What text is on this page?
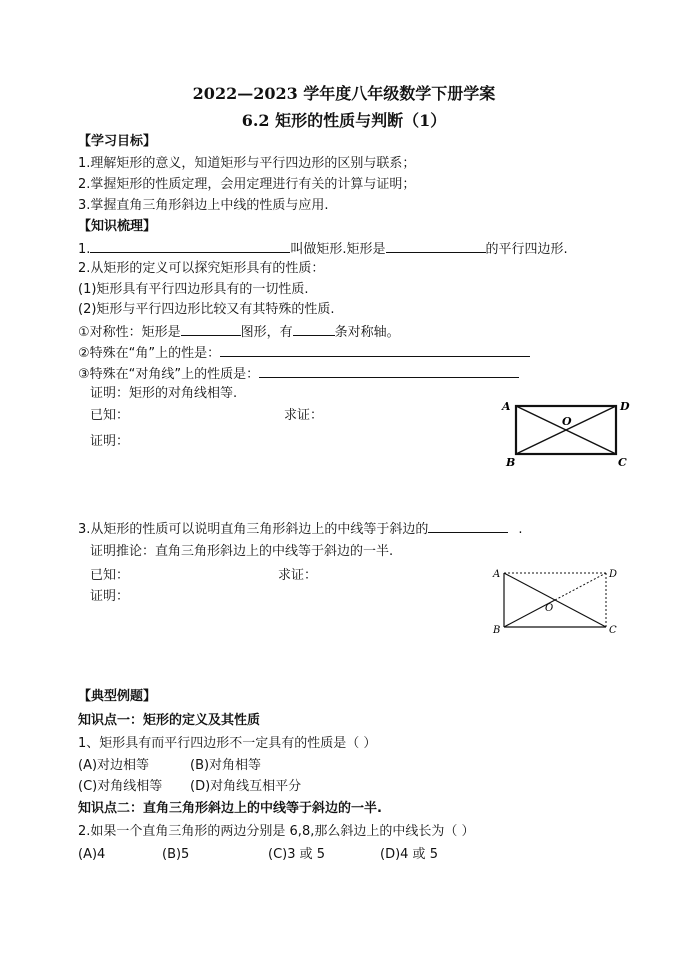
2022—2023 学年度八年级数学下册学案
6.2 矩形的性质与判断（1）
【学习目标】
1.理解矩形的意义，知道矩形与平行四边形的区别与联系；
2.掌握矩形的性质定理，会用定理进行有关的计算与证明；
3.掌握直角三角形斜边上中线的性质与应用.
【知识梳理】
1.	叫做矩形.矩形是	的平行四边形.
2.从矩形的定义可以探究矩形具有的性质：
(1)矩形具有平行四边形具有的一切性质.
(2)矩形与平行四边形比较又有其特殊的性质.
①对称性：矩形是	图形，有	条对称轴。
②特殊在“角”上的性是：
③特殊在“对角线”上的性质是：
证明：矩形的对角线相等.
已知：	求证：
证明：
A	D
B	C
O
3.从矩形的性质可以说明直角三角形斜边上的中线等于斜边的	.
证明推论：直角三角形斜边上的中线等于斜边的一半.
已知：	求证：
证明：
A	D
B	C
O
【典型例题】
知识点一：矩形的定义及其性质
1、矩形具有而平行四边形不一定具有的性质是（ ）
(A)对边相等	(B)对角相等
(C)对角线相等 (D)对角线互相平分
知识点二：直角三角形斜边上的中线等于斜边的一半.
2.如果一个直角三角形的两边分别是 6,8,那么斜边上的中线长为（ ）
(A)4	(B)5	(C)3 或 5	(D)4 或 5
